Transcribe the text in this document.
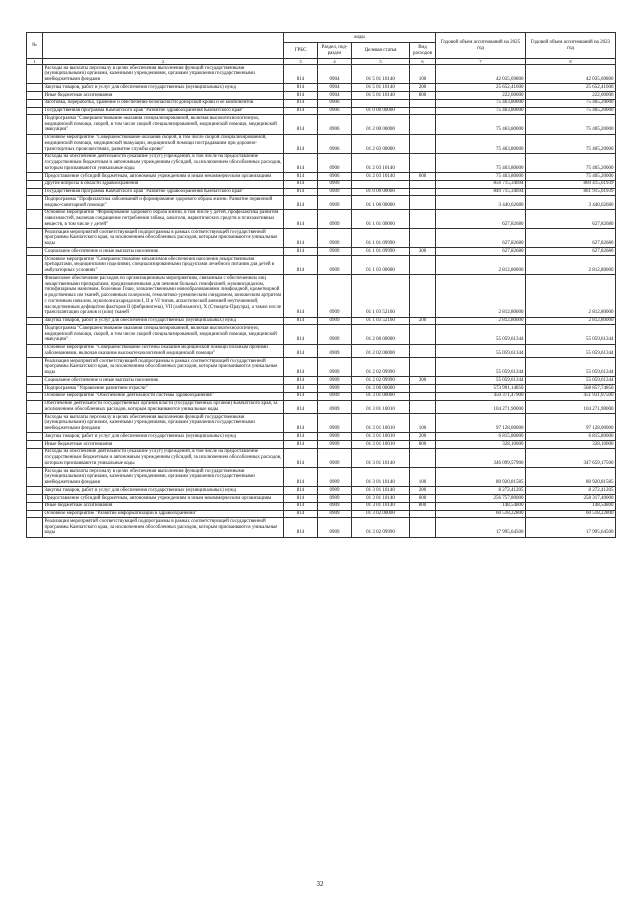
№		коды				Годовой объем ассигнований на 2025 год	Годовой объем ассигнований на 2023 год
		ГРБС	Раздел, под-раздел	Целевая статья	Вид расходов		
1	2	3	4	5	6	7	8
	Расходы на выплаты персоналу в целях обеспечения выполнения функций государственными (муниципальными) органами, казенными учреждениями, органами управления государственными внебюджетными фондами	814	0904	01 5 01 10140	100	42 035,69800	42 035,69800
	Закупка товаров, работ и услуг для обеспечения государственных (муниципальных) нужд	814	0904	01 5 01 10140	200	25 652,41600	25 652,41600
	Иные бюджетные ассигнования	814	0904	01 5 01 10140	800	222,00000	222,00000
	Заготовка, переработка, хранение и обеспечение безопасности донорской крови и ее компонентов	814	0906			75 463,80000	75 405,20000
	Государственная программа Камчатского края "Развитие здравоохранения Камчатского края"	814	0906	01 0 00 00000		75 463,80000	75 405,20000
	Подпрограмма "Совершенствование оказания специализированной, включая высокотехнологичную, медицинской помощи, скорой, в том числе скорой специализированной, медицинской помощи, медицинской эвакуации"	814	0906	01 2 00 00000		75 463,80000	75 405,20000
	Основное мероприятие "Совершенствование оказания скорой, в том числе скорой специализированной, медицинской помощи, медицинской эвакуации, медицинской помощи пострадавшим при дорожно-транспортных происшествиях, развитие службы крови"	814	0906	01 2 03 00000		75 463,80000	75 405,20000
	Расходы на обеспечение деятельности (оказание услуг) учреждений, в том числе на предоставление государственным бюджетным и автономным учреждениям субсидий, за исключением обособленных расходов, которым присваиваются уникальные коды	814	0906	01 2 03 10140		75 463,80000	75 405,20000
	Предоставление субсидий бюджетным, автономным учреждениям и иным некоммерческим организациям	814	0906	01 2 03 10140	600	75 463,80000	75 405,20000
	Другие вопросы в области здравоохранения	814	0909			856 715,34694	869 415,61939
	Государственная программа Камчатского края "Развитие здравоохранения Камчатского края"	814	0909	01 0 00 00000		849 715,34694	861 915,61939
	Подпрограмма "Профилактика заболеваний и формирование здорового образа жизни. Развитие первичной медико-санитарной помощи"	814	0909	01 1 00 00000		3 440,62680	3 440,62680
	Основное мероприятие "Формирование здорового образа жизни, в том числе у детей, профилактика развития зависимостей, включая сокращение потребления табака, алкоголя, наркотических средств и психоактивных веществ, в том числе у детей"	814	0909	01 1 01 00000		627,82680	627,82680
	Реализация мероприятий соответствующей подпрограммы в рамках соответствующей государственной программы Камчатского края, за исключением обособленных расходов, которым присваиваются уникальные коды	814	0909	01 1 01 09990		627,82680	627,82680
	Социальное обеспечение и иные выплаты населению	814	0909	01 1 01 09990	300	627,82680	627,82680
	Основное мероприятие "Совершенствование механизмов обеспечения населения лекарственными препаратами, медицинскими изделиями, специализированными продуктами лечебного питания для детей в амбулаторных условиях"	814	0909	01 1 03 00000		2 812,80000	2 812,80000
	Финансовое обеспечение расходов по организационным мероприятиям, связанным с обеспечением лиц лекарственными препаратами, предназначенными для лечения больных гемофилией, муковисцидозом, гипофизарным нанизмом, болезнью Гоше, злокачественными новообразованиями лимфоидной, кроветворной и родственных им тканей, рассеянным склерозом, гемолитико-уремическим синдромом, юношеским артритом с системным началом, мукополисахаридозом I, II и VI типов, апластической анемией неуточненной, наследственным дефицитом факторов II (фибриногена), VII (лабильного), X (Стюарта-Прауэра), а также после трансплантации органов и (или) тканей	814	0909	01 1 03 52160		2 812,80000	2 812,80000
	Закупка товаров, работ и услуг для обеспечения государственных (муниципальных) нужд	814	0909	01 1 03 52160	200	2 812,80000	2 812,80000
	Подпрограмма "Совершенствование оказания специализированной, включая высокотехнологичную, медицинской помощи, скорой, в том числе скорой специализированной, медицинской помощи, медицинской эвакуации"	814	0909	01 2 00 00000		55 059,61344	55 059,61344
	Основное мероприятие "Совершенствование системы оказания медицинской помощи больным прочими заболеваниями, включая оказание высокотехнологичной медицинской помощи"	814	0909	01 2 02 00000		55 059,61344	55 059,61344
	Реализация мероприятий соответствующей подпрограммы в рамках соответствующей государственной программы Камчатского края, за исключением обособленных расходов, которым присваиваются уникальные коды	814	0909	01 2 02 09990		55 059,61344	55 059,61344
	Социальное обеспечение и иные выплаты населению	814	0909	01 2 02 09990	300	55 059,61344	55 059,61344
	Подпрограмма "Управление развитием отрасли"	814	0909	01 3 00 00000		573 991,14850	568 857,74850
	Основное мероприятие "Обеспечение деятельности системы здравоохранения"	814	0909	01 3 01 00000		450 371,47900	451 931,07500
	Обеспечение деятельности государственных органов власти (государственных органов) Камчатского края, за исключением обособленных расходов, которым присваиваются уникальные коды	814	0909	01 3 01 10010		104 271,90000	104 271,90000
	Расходы на выплаты персоналу в целях обеспечения выполнения функций государственными (муниципальными) органами, казенными учреждениями, органами управления государственными внебюджетными фондами	814	0909	01 3 01 10010	100	97 128,00000	97 128,00000
	Закупка товаров, работ и услуг для обеспечения государственных (муниципальных) нужд	814	0909	01 3 01 10010	200	6 815,80000	6 815,80000
	Иные бюджетные ассигнования	814	0909	01 3 01 10010	800	328,10000	328,10000
	Расходы на обеспечение деятельности (оказание услуг) учреждений, в том числе на предоставление государственным бюджетным и автономным учреждениям субсидий, за исключением обособленных расходов, которым присваиваются уникальные коды	814	0909	01 3 01 10140		346 099,57900	347 659,17500
	Расходы на выплаты персоналу в целях обеспечения выполнения функций государственными (муниципальными) органами, казенными учреждениями, органами управления государственными внебюджетными фондами	814	0909	01 3 01 10140	100	80 920,81585	80 920,81585
	Закупка товаров, работ и услуг для обеспечения государственных (муниципальных) нужд	814	0909	01 3 01 10140	200	8 272,41205	8 272,41205
	Предоставление субсидий бюджетным, автономным учреждениям и иным некоммерческим организациям	814	0909	01 3 01 10140	600	256 757,80000	258 317,40000
	Иные бюджетные ассигнования	814	0909	01 3 01 10140	800	148,54800	148,54800
	Основное мероприятие "Развитие информатизации в здравоохранении"	814	0909	01 3 02 00000		60 518,22800	60 518,22800
	Реализация мероприятий соответствующей подпрограммы в рамках соответствующей государственной программы Камчатского края, за исключением обособленных расходов, которым присваиваются уникальные коды	814	0909	01 3 02 09990		17 995,64500	17 995,64500
32
